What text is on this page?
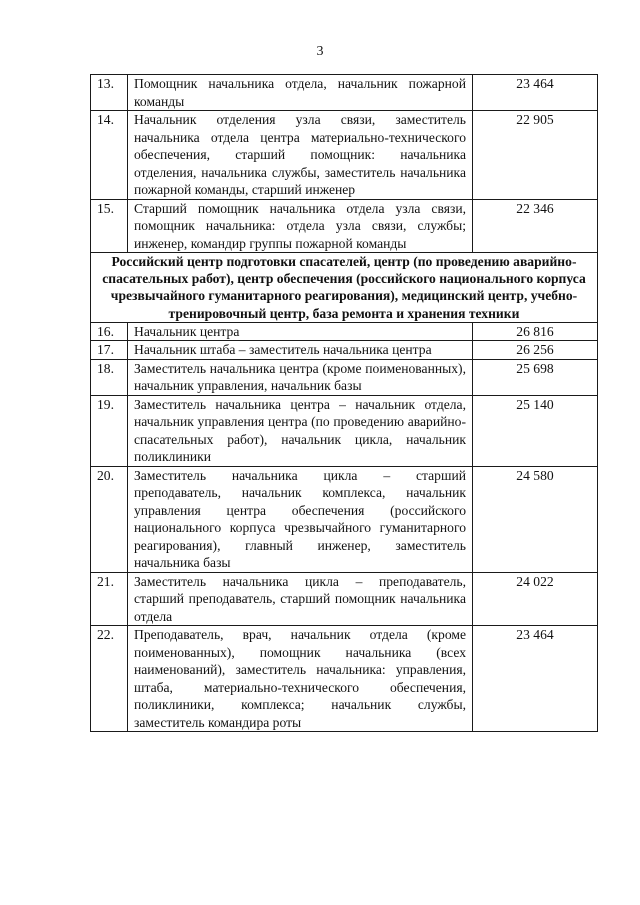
3
13.	Помощник начальника отдела, начальник пожарной команды	23 464
14.	Начальник отделения узла связи, заместитель начальника отдела центра материально-технического обеспечения, старший помощник: начальника отделения, начальника службы, заместитель начальника пожарной команды, старший инженер	22 905
15.	Старший помощник начальника отдела узла связи, помощник начальника: отдела узла связи, службы; инженер, командир группы пожарной команды	22 346
Российский центр подготовки спасателей, центр (по проведению аварийно-спасательных работ), центр обеспечения (российского национального корпуса чрезвычайного гуманитарного реагирования), медицинский центр, учебно-тренировочный центр, база ремонта и хранения техники		
16.	Начальник центра	26 816
17.	Начальник штаба – заместитель начальника центра	26 256
18.	Заместитель начальника центра (кроме поименованных), начальник управления, начальник базы	25 698
19.	Заместитель начальника центра – начальник отдела, начальник управления центра (по проведению аварийно-спасательных работ), начальник цикла, начальник поликлиники	25 140
20.	Заместитель начальника цикла – старший преподаватель, начальник комплекса, начальник управления центра обеспечения (российского национального корпуса чрезвычайного гуманитарного реагирования), главный инженер, заместитель начальника базы	24 580
21.	Заместитель начальника цикла – преподаватель, старший преподаватель, старший помощник начальника отдела	24 022
22.	Преподаватель, врач, начальник отдела (кроме поименованных), помощник начальника (всех наименований), заместитель начальника: управления, штаба, материально-технического обеспечения, поликлиники, комплекса; начальник службы, заместитель командира роты	23 464
